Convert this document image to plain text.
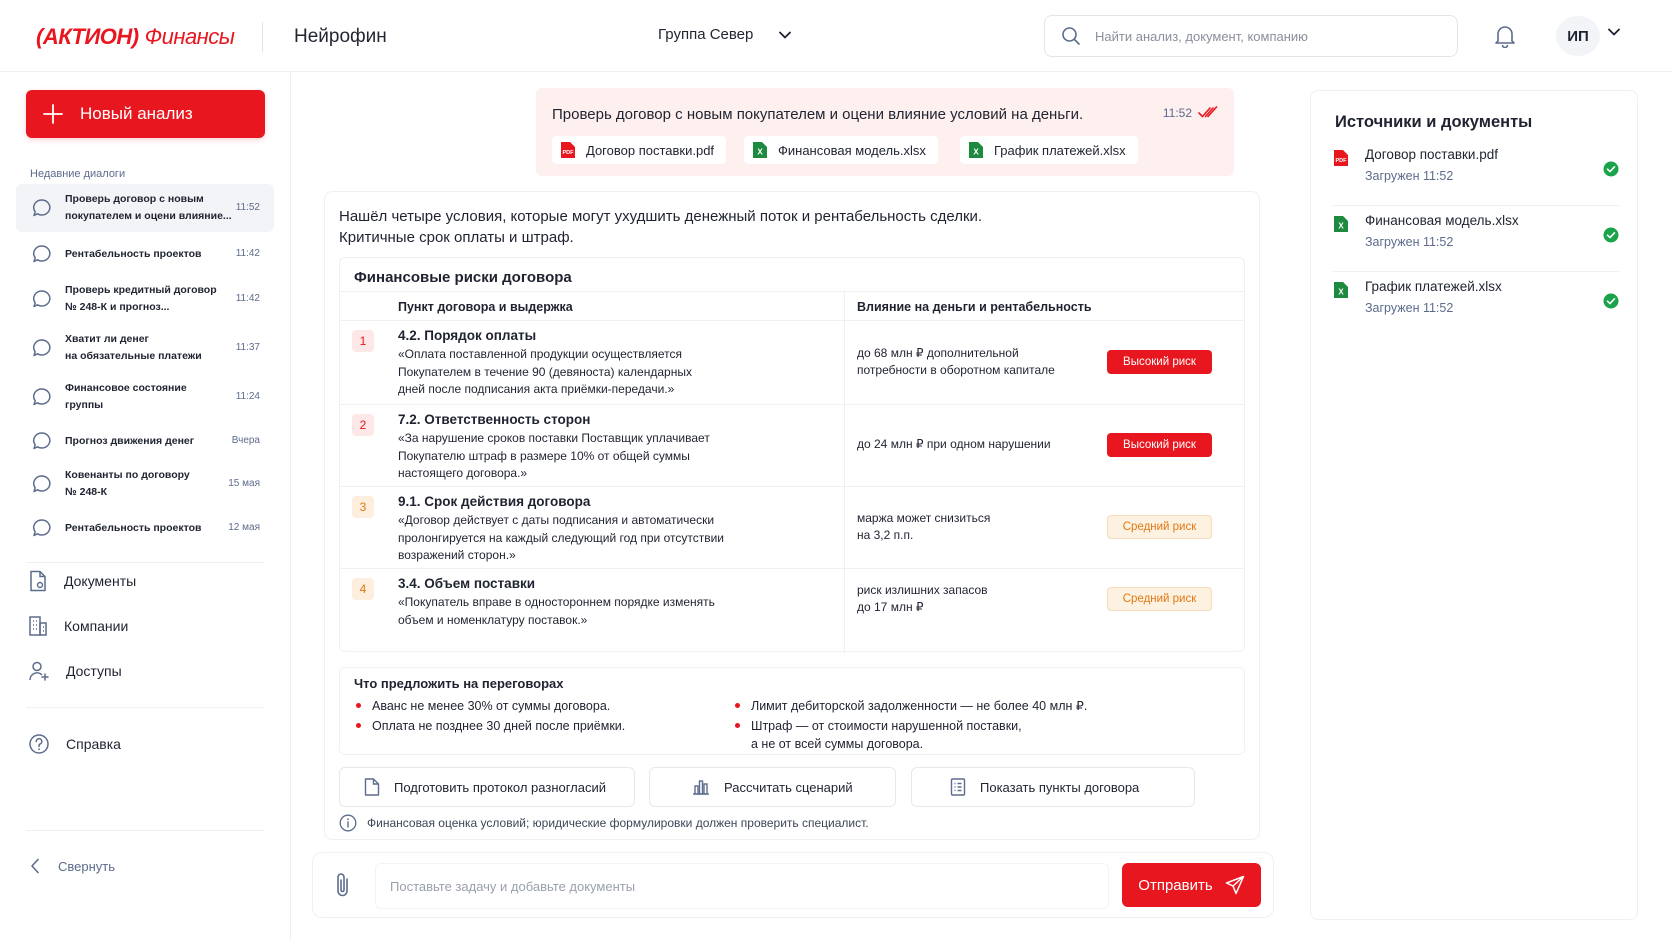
(АКТИОН) Финансы	Нейрофин	Группа Север
Найти анализ, документ, компанию	ИП
Новый анализ
Недавние диалоги
Проверь договор с новым
покупателем и оцени влияние...
11:52
Рентабельность проектов	11:42
Проверь кредитный договор
№ 248-К и прогноз...
11:42
Хватит ли денег
на обязательные платежи
11:37
Финансовое состояние
группы
11:24
Прогноз движения денег	Вчера
Ковенанты по договору
№ 248-К
15 мая
Рентабельность проектов	12 мая
Документы
Компании
Доступы
Справка
Свернуть
Проверь договор с новым покупателем и оцени влияние условий на деньги.	11:52
PDF Договор поставки.pdf	X Финансовая модель.xlsx	X График платежей.xlsx
Нашёл четыре условия, которые могут ухудшить денежный поток и рентабельность сделки.
Критичные срок оплаты и штраф.
Финансовые риски договора
Пункт договора и выдержка	Влияние на деньги и рентабельность
1	4.2. Порядок оплаты
«Оплата поставленной продукции осуществляется
Покупателем в течение 90 (девяноста) календарных
дней после подписания акта приёмки-передачи.»
до 68 млн ₽ дополнительной
потребности в оборотном капитале
Высокий риск
2	7.2. Ответственность сторон
«За нарушение сроков поставки Поставщик уплачивает
Покупателю штраф в размере 10% от общей суммы
настоящего договора.»
до 24 млн ₽ при одном нарушении	Высокий риск
3	9.1. Срок действия договора
«Договор действует с даты подписания и автоматически
пролонгируется на каждый следующий год при отсутствии
возражений сторон.»
маржа может снизиться
на 3,2 п.п.
Средний риск
4	3.4. Объем поставки
«Покупатель вправе в одностороннем порядке изменять
объем и номенклатуру поставок.»
риск излишних запасов
до 17 млн ₽
Средний риск
Что предложить на переговорах
Аванс не менее 30% от суммы договора.
Оплата не позднее 30 дней после приёмки.
Лимит дебиторской задолженности — не более 40 млн ₽.
Штраф — от стоимости нарушенной поставки,
а не от всей суммы договора.
Подготовить протокол разногласий	Рассчитать сценарий	Показать пункты договора
Финансовая оценка условий; юридические формулировки должен проверить специалист.
Поставьте задачу и добавьте документы
Отправить
Источники и документы
PDF Договор поставки.pdf
Загружен 11:52
X Финансовая модель.xlsx
Загружен 11:52
X График платежей.xlsx
Загружен 11:52
